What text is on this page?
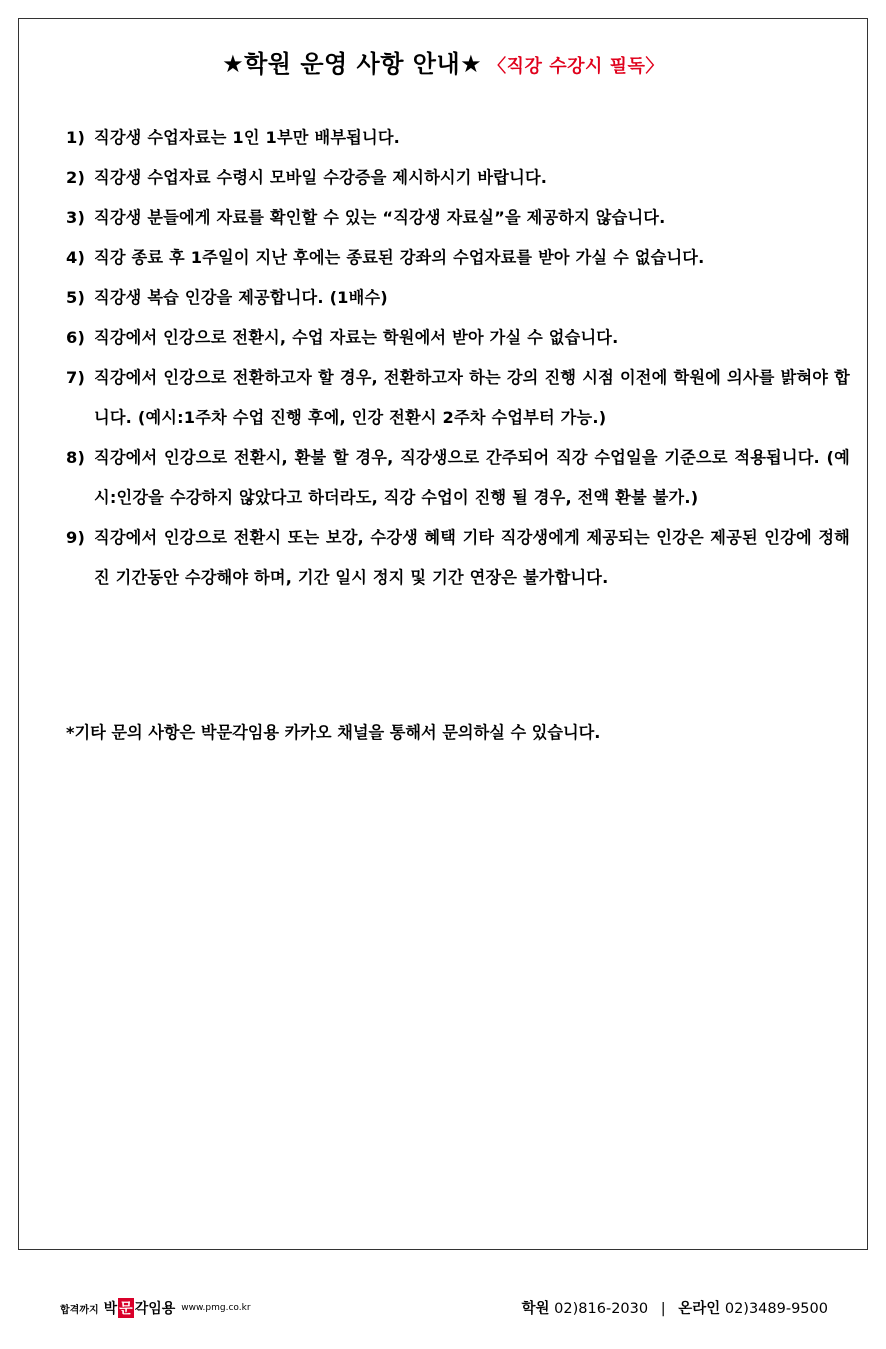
★학원 운영 사항 안내★ 〈직강 수강시 필독〉
1) 직강생 수업자료는 1인 1부만 배부됩니다.
2) 직강생 수업자료 수령시 모바일 수강증을 제시하시기 바랍니다.
3) 직강생 분들에게 자료를 확인할 수 있는 “직강생 자료실”을 제공하지 않습니다.
4) 직강 종료 후 1주일이 지난 후에는 종료된 강좌의 수업자료를 받아 가실 수 없습니다.
5) 직강생 복습 인강을 제공합니다. (1배수)
6) 직강에서 인강으로 전환시, 수업 자료는 학원에서 받아 가실 수 없습니다.
7) 직강에서 인강으로 전환하고자 할 경우, 전환하고자 하는 강의 진행 시점 이전에 학원에 의사를 밝혀야 합니다. (예시:1주차 수업 진행 후에, 인강 전환시 2주차 수업부터 가능.)
8) 직강에서 인강으로 전환시, 환불 할 경우, 직강생으로 간주되어 직강 수업일을 기준으로 적용됩니다. (예시:인강을 수강하지 않았다고 하더라도, 직강 수업이 진행 될 경우, 전액 환불 불가.)
9) 직강에서 인강으로 전환시 또는 보강, 수강생 혜택 기타 직강생에게 제공되는 인강은 제공된 인강에 정해진 기간동안 수강해야 하며, 기간 일시 정지 및 기간 연장은 불가합니다.
*기타 문의 사항은 박문각임용 카카오 채널을 통해서 문의하실 수 있습니다.
합격까지 박 문 각 임용 www.pmg.co.kr	학원 02)816-2030 | 온라인 02)3489-9500
